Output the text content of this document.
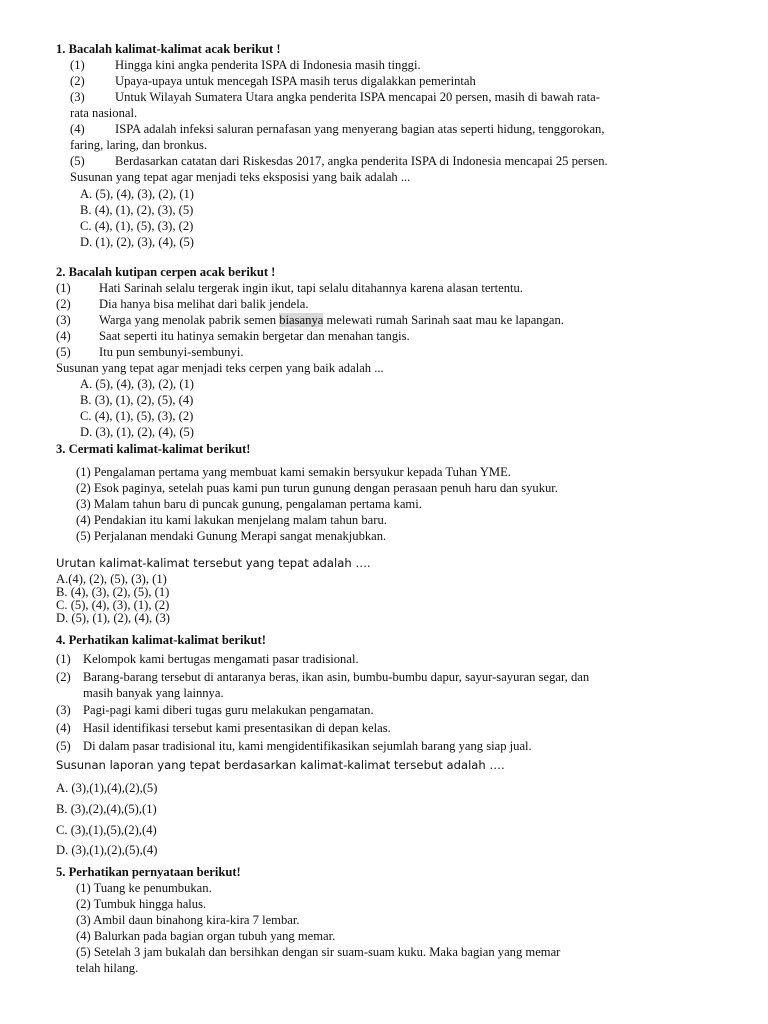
1. Bacalah kalimat-kalimat acak berikut !
(1) Hingga kini angka penderita ISPA di Indonesia masih tinggi.
(2) Upaya-upaya untuk mencegah ISPA masih terus digalakkan pemerintah
(3) Untuk Wilayah Sumatera Utara angka penderita ISPA mencapai 20 persen, masih di bawah rata-
rata nasional.
(4) ISPA adalah infeksi saluran pernafasan yang menyerang bagian atas seperti hidung, tenggorokan,
faring, laring, dan bronkus.
(5) Berdasarkan catatan dari Riskesdas 2017, angka penderita ISPA di Indonesia mencapai 25 persen.
Susunan yang tepat agar menjadi teks eksposisi yang baik adalah ...
A. (5), (4), (3), (2), (1)
B. (4), (1), (2), (3), (5)
C. (4), (1), (5), (3), (2)
D. (1), (2), (3), (4), (5)
2. Bacalah kutipan cerpen acak berikut !
(1) Hati Sarinah selalu tergerak ingin ikut, tapi selalu ditahannya karena alasan tertentu.
(2) Dia hanya bisa melihat dari balik jendela.
(3) Warga yang menolak pabrik semen biasanya melewati rumah Sarinah saat mau ke lapangan.
(4) Saat seperti itu hatinya semakin bergetar dan menahan tangis.
(5) Itu pun sembunyi-sembunyi.
Susunan yang tepat agar menjadi teks cerpen yang baik adalah ...
A. (5), (4), (3), (2), (1)
B. (3), (1), (2), (5), (4)
C. (4), (1), (5), (3), (2)
D. (3), (1), (2), (4), (5)
3. Cermati kalimat-kalimat berikut!
(1) Pengalaman pertama yang membuat kami semakin bersyukur kepada Tuhan YME.
(2) Esok paginya, setelah puas kami pun turun gunung dengan perasaan penuh haru dan syukur.
(3) Malam tahun baru di puncak gunung, pengalaman pertama kami.
(4) Pendakian itu kami lakukan menjelang malam tahun baru.
(5) Perjalanan mendaki Gunung Merapi sangat menakjubkan.
Urutan kalimat-kalimat tersebut yang tepat adalah ….
A.(4), (2), (5), (3), (1)
B. (4), (3), (2), (5), (1)
C. (5), (4), (3), (1), (2)
D. (5), (1), (2), (4), (3)
4. Perhatikan kalimat-kalimat berikut!
(1) Kelompok kami bertugas mengamati pasar tradisional.
(2) Barang-barang tersebut di antaranya beras, ikan asin, bumbu-bumbu dapur, sayur-sayuran segar, dan
masih banyak yang lainnya.
(3) Pagi-pagi kami diberi tugas guru melakukan pengamatan.
(4) Hasil identifikasi tersebut kami presentasikan di depan kelas.
(5) Di dalam pasar tradisional itu, kami mengidentifikasikan sejumlah barang yang siap jual.
Susunan laporan yang tepat berdasarkan kalimat-kalimat tersebut adalah ….
A. (3),(1),(4),(2),(5)
B. (3),(2),(4),(5),(1)
C. (3),(1),(5),(2),(4)
D. (3),(1),(2),(5),(4)
5. Perhatikan pernyataan berikut!
(1) Tuang ke penumbukan.
(2) Tumbuk hingga halus.
(3) Ambil daun binahong kira-kira 7 lembar.
(4) Balurkan pada bagian organ tubuh yang memar.
(5) Setelah 3 jam bukalah dan bersihkan dengan sir suam-suam kuku. Maka bagian yang memar
telah hilang.
